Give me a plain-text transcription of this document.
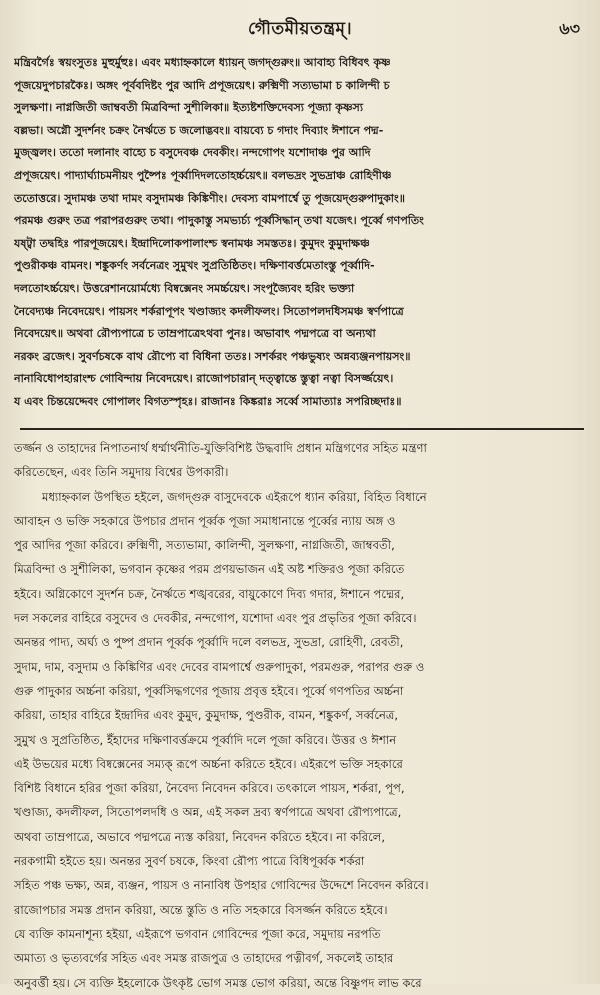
গৌতমীয়তন্ত্রম্।	৬৩

মন্ত্রিবর্গৈঃ স্বয়ংসুতঃ মুহুর্মুহুঃ। এবং মধ্যাহ্নকালে ধ্যায়ন্ জগদ্গুরুং॥ আবাহ্য বিধিবৎ কৃষ্ণ

পূজয়েদুপচারকৈঃ। অঙ্গং পূর্ববদিষ্টং পুর আদি প্রপূজয়েৎ। রুক্মিণী সত্যভামা চ কালিন্দী চ

সুলক্ষণা। নাগ্নজিতী জাম্ববতী মিত্রবিন্দা সুশীলিকা॥ ইত্যষ্টশক্তিদেবস্য পূজ্যা কৃষ্ণস্য

বল্লভা। অগ্নৌ সুদর্শনং চক্রং নৈর্ঋতে চ জলোদ্ভবং॥ বায়ব্যে চ গদাং দিব্যাং ঈশানে পদ্ম-

মুজ্জ্বলং। ততো দলানাং বাহ্যে চ বসুদেবঞ্চ দেবকীং। নন্দগোপং যশোদাঞ্চ পুর আদি

প্রপূজয়েৎ। পাদ্যার্ঘ্যাচমনীয়ং পুষ্পৈঃ পূর্ব্বাদিদলতোহর্চ্চয়েৎ॥ বলভদ্রং সুভদ্রাঞ্চ রোহিণীঞ্চ

ততোত্তরে। সুদামঞ্চ তথা দামং বসুদামঞ্চ কিঙ্কিণীং। দেবস্য বামপার্শ্বে তু পূজয়েদ্গুরুপাদুকাং॥

পরমঞ্চ গুরুং তত্র পরাপরগুরুং তথা। পাদুকাস্তু সমভ্যর্চ্য পূর্ব্বসিদ্ধান্ তথা যজেৎ। পূর্ব্বে গণপতিং

যষ্ট্বা তদ্বহিঃ পারপূজয়েৎ। ইন্দ্রাদিলোকপালাংশ্চ স্বনামঞ্চ সমস্ততঃ। কুমুদং কুমুদাক্ষঞ্চ

পুণ্ডরীকঞ্চ বামনং। শঙ্কুকর্ণং সর্বনেত্রং সুমুখং সুপ্রতিষ্ঠিতং। দক্ষিণাবর্ত্তমেতাংস্তু পূর্ব্বাদি-

দলতোঽর্চ্চয়েৎ। উত্তরেশানয়োর্মধ্যে বিষ্বক্সেনং সমর্চ্চয়েৎ। সংপূজ্যৈবং হরিং ভক্ত্যা

নৈবেদ্যঞ্চ নিবেদয়েৎ। পায়সং শর্করাপূপং খণ্ডাজ্যং কদলীফলং। সিতোপলদধিসমঞ্চ স্বর্ণপাত্রে

নিবেদয়েৎ॥ অথবা রৌপ্যপাত্রে চ তাম্রপাত্রেঽথবা পুনঃ। অভাবাৎ পদ্মপত্রে বা অন্যথা

নরকং ব্রজেৎ। সুবর্ণচষকে বাথ রৌপ্যে বা বিধিনা ততঃ। সশর্করং পঞ্চভুষ্যং অন্নব্যঞ্জনপায়সং॥

নানাবিধোপহারাংশ্চ গোবিন্দায় নিবেদয়েৎ। রাজোপচারান্ দত্ত্বান্তে স্তুত্বা নত্বা বিসর্জ্জয়েৎ।

য এবং চিন্তয়েদ্দেবং গোপালং বিগতস্পৃহঃ। রাজানঃ কিঙ্করাঃ সর্ব্বে সামাত্যাঃ সপরিচ্ছদাঃ॥

তর্জ্জন ও তাহাদের নিপাতনার্থ ধর্ম্মার্থনীতি-যুক্তিবিশিষ্ট উদ্ধবাদি প্রধান মন্ত্রিগণের সহিত মন্ত্রণা

করিতেছেন, এবং তিনি সমুদায় বিশ্বের উপকারী।

মধ্যাহ্নকাল উপস্থিত হইলে, জগদ্গুরু বাসুদেবকে এইরূপে ধ্যান করিয়া, বিহিত বিধানে

আবাহন ও ভক্তি সহকারে উপচার প্রদান পূর্ব্বক পূজা সমাধানান্তে পূর্ব্বের ন্যায় অঙ্গ ও

পুর আদির পূজা করিবে। রুক্মিণী, সত্যভামা, কালিন্দী, সুলক্ষণা, নাগ্নজিতী, জাম্ববতী,

মিত্রবিন্দা ও সুশীলিকা, ভগবান কৃষ্ণের পরম প্রণয়ভাজন এই অষ্ট শক্তিরও পূজা করিতে

হইবে। অগ্নিকোণে সুদর্শন চক্র, নৈর্ঋতে শঙ্খবরের, বায়ুকোণে দিব্য গদার, ঈশানে পদ্মের,

দল সকলের বাহিরে বসুদেব ও দেবকীর, নন্দগোপ, যশোদা এবং পুর প্রভৃতির পূজা করিবে।

অনন্তর পাদ্য, অর্ঘ্য ও পুষ্প প্রদান পূর্ব্বক পূর্ব্বাদি দলে বলভদ্র, সুভদ্রা, রোহিণী, রেবতী,

সুদাম, দাম, বসুদাম ও কিঙ্কিণির এবং দেবের বামপার্শ্বে গুরুপাদুকা, পরমগুরু, পরাপর গুরু ও

গুরু পাদুকার অর্চ্চনা করিয়া, পূর্ব্বসিদ্ধগণের পূজায় প্রবৃত্ত হইবে। পূর্ব্বে গণপতির অর্চ্চনা

করিয়া, তাহার বাহিরে ইন্দ্রাদির এবং কুমুদ, কুমুদাক্ষ, পুণ্ডরীক, বামন, শঙ্কুকর্ণ, সর্ব্বনেত্র,

সুমুখ ও সুপ্রতিষ্ঠিত, ইঁহাদের দক্ষিণাবর্ত্তক্রমে পূর্ব্বাদি দলে পূজা করিবে। উত্তর ও ঈশান

এই উভয়ের মধ্যে বিষ্বক্সেনের সম্যক্ রূপে অর্চ্চনা করিতে হইবে। এইরূপে ভক্তি সহকারে

বিশিষ্ট বিধানে হরির পূজা করিয়া, নৈবেদ্য নিবেদন করিবে। তৎকালে পায়স, শর্করা, পূপ,

খণ্ডাজ্য, কদলীফল, সিতোপলদধি ও অন্ন, এই সকল দ্রব্য স্বর্ণপাত্রে অথবা রৌপ্যপাত্রে,

অথবা তাম্রপাত্রে, অভাবে পদ্মপত্রে ন্যস্ত করিয়া, নিবেদন করিতে হইবে। না করিলে,

নরকগামী হইতে হয়। অনন্তর সুবর্ণ চষকে, কিংবা রৌপ্য পাত্রে বিধিপূর্ব্বক শর্করা

সহিত পঞ্চ ভক্ষ্য, অন্ন, ব্যঞ্জন, পায়স ও নানাবিধ উপহার গোবিন্দের উদ্দেশে নিবেদন করিবে।

রাজোপচার সমস্ত প্রদান করিয়া, অন্তে স্তুতি ও নতি সহকারে বিসর্জ্জন করিতে হইবে।

যে ব্যক্তি কামনাশূন্য হইয়া, এইরূপে ভগবান গোবিন্দের পূজা করে, সমুদায় নরপতি

অমাত্য ও ভৃত্যবর্গের সহিত এবং সমস্ত রাজপুত্র ও তাহাদের পত্নীবর্গ, সকলেই তাহার

অনুবর্ত্তী হয়। সে ব্যক্তি ইহলোকে উৎকৃষ্ট ভোগ সমস্ত ভোগ করিয়া, অন্তে বিষ্ণুপদ লাভ করে
